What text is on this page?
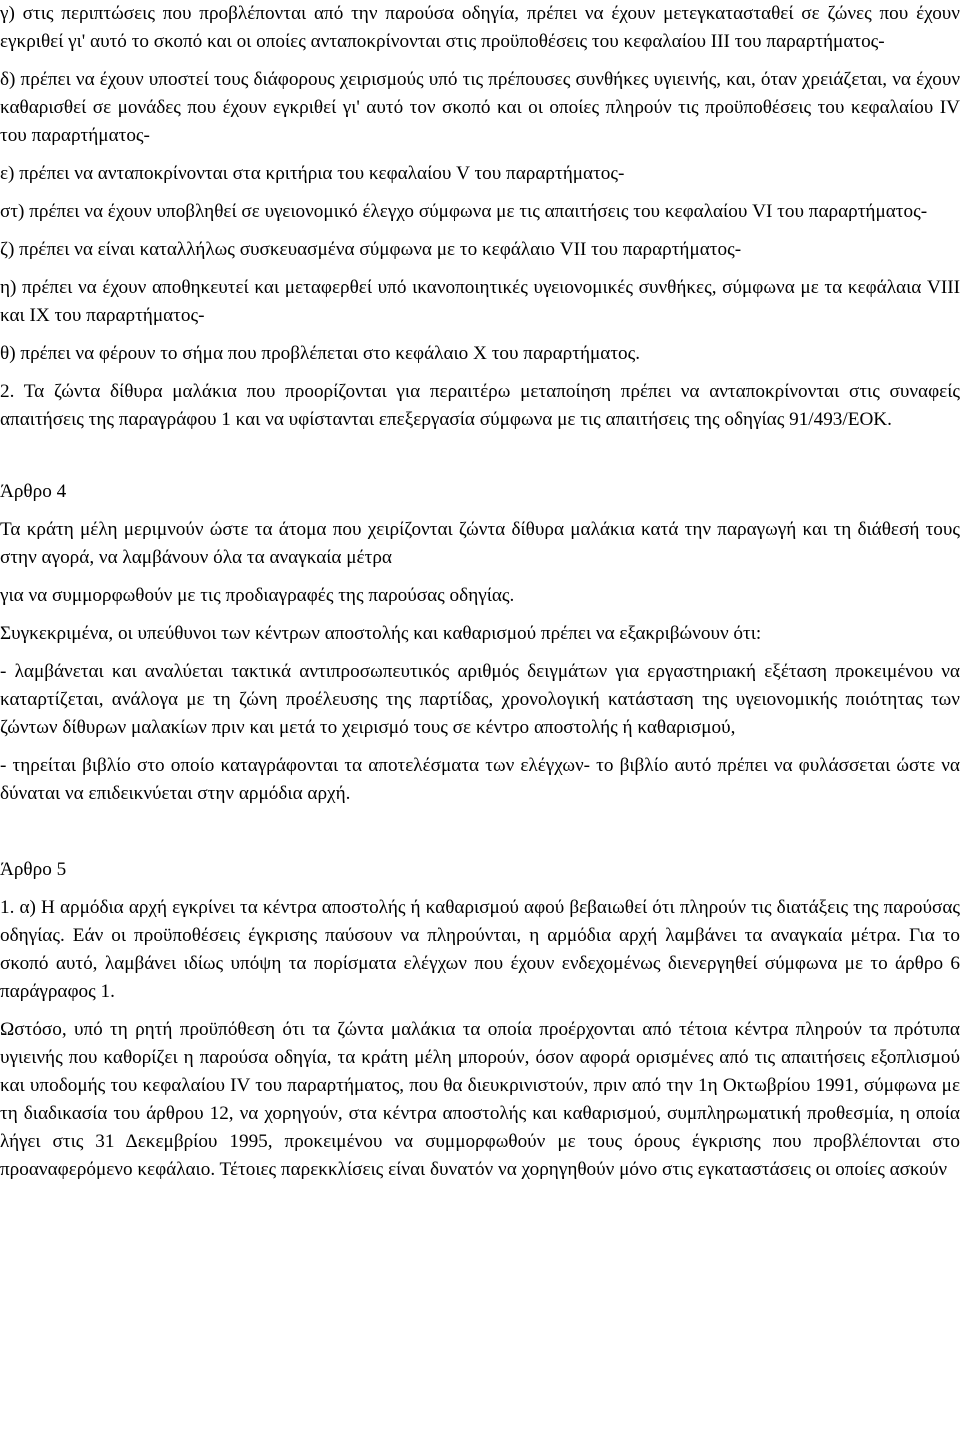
γ) στις περιπτώσεις που προβλέπονται από την παρούσα οδηγία, πρέπει να έχουν μετεγκατασταθεί σε ζώνες που έχουν εγκριθεί γι' αυτό το σκοπό και οι οποίες ανταποκρίνονται στις προϋποθέσεις του κεφαλαίου ΙΙΙ του παραρτήματος-

δ) πρέπει να έχουν υποστεί τους διάφορους χειρισμούς υπό τις πρέπουσες συνθήκες υγιεινής, και, όταν χρειάζεται, να έχουν καθαρισθεί σε μονάδες που έχουν εγκριθεί γι' αυτό τον σκοπό και οι οποίες πληρούν τις προϋποθέσεις του κεφαλαίου IV του παραρτήματος-

ε) πρέπει να ανταποκρίνονται στα κριτήρια του κεφαλαίου V του παραρτήματος-

στ) πρέπει να έχουν υποβληθεί σε υγειονομικό έλεγχο σύμφωνα με τις απαιτήσεις του κεφαλαίου VI του παραρτήματος-

ζ) πρέπει να είναι καταλλήλως συσκευασμένα σύμφωνα με το κεφάλαιο VII του παραρτήματος-

η) πρέπει να έχουν αποθηκευτεί και μεταφερθεί υπό ικανοποιητικές υγειονομικές συνθήκες, σύμφωνα με τα κεφάλαια VIII και IX του παραρτήματος-

θ) πρέπει να φέρουν το σήμα που προβλέπεται στο κεφάλαιο X του παραρτήματος.

2. Τα ζώντα δίθυρα μαλάκια που προορίζονται για περαιτέρω μεταποίηση πρέπει να ανταποκρίνονται στις συναφείς απαιτήσεις της παραγράφου 1 και να υφίστανται επεξεργασία σύμφωνα με τις απαιτήσεις της οδηγίας 91/493/ΕΟΚ.

Άρθρο 4

Τα κράτη μέλη μεριμνούν ώστε τα άτομα που χειρίζονται ζώντα δίθυρα μαλάκια κατά την παραγωγή και τη διάθεσή τους στην αγορά, να λαμβάνουν όλα τα αναγκαία μέτρα

για να συμμορφωθούν με τις προδιαγραφές της παρούσας οδηγίας.

Συγκεκριμένα, οι υπεύθυνοι των κέντρων αποστολής και καθαρισμού πρέπει να εξακριβώνουν ότι:

- λαμβάνεται και αναλύεται τακτικά αντιπροσωπευτικός αριθμός δειγμάτων για εργαστηριακή εξέταση προκειμένου να καταρτίζεται, ανάλογα με τη ζώνη προέλευσης της παρτίδας, χρονολογική κατάσταση της υγειονομικής ποιότητας των ζώντων δίθυρων μαλακίων πριν και μετά το χειρισμό τους σε κέντρο αποστολής ή καθαρισμού,

- τηρείται βιβλίο στο οποίο καταγράφονται τα αποτελέσματα των ελέγχων- το βιβλίο αυτό πρέπει να φυλάσσεται ώστε να δύναται να επιδεικνύεται στην αρμόδια αρχή.

Άρθρο 5

1. α) Η αρμόδια αρχή εγκρίνει τα κέντρα αποστολής ή καθαρισμού αφού βεβαιωθεί ότι πληρούν τις διατάξεις της παρούσας οδηγίας. Εάν οι προϋποθέσεις έγκρισης παύσουν να πληρούνται, η αρμόδια αρχή λαμβάνει τα αναγκαία μέτρα. Για το σκοπό αυτό, λαμβάνει ιδίως υπόψη τα πορίσματα ελέγχων που έχουν ενδεχομένως διενεργηθεί σύμφωνα με το άρθρο 6 παράγραφος 1.

Ωστόσο, υπό τη ρητή προϋπόθεση ότι τα ζώντα μαλάκια τα οποία προέρχονται από τέτοια κέντρα πληρούν τα πρότυπα υγιεινής που καθορίζει η παρούσα οδηγία, τα κράτη μέλη μπορούν, όσον αφορά ορισμένες από τις απαιτήσεις εξοπλισμού και υποδομής του κεφαλαίου IV του παραρτήματος, που θα διευκρινιστούν, πριν από την 1η Οκτωβρίου 1991, σύμφωνα με τη διαδικασία του άρθρου 12, να χορηγούν, στα κέντρα αποστολής και καθαρισμού, συμπληρωματική προθεσμία, η οποία λήγει στις 31 Δεκεμβρίου 1995, προκειμένου να συμμορφωθούν με τους όρους έγκρισης που προβλέπονται στο προαναφερόμενο κεφάλαιο. Τέτοιες παρεκκλίσεις είναι δυνατόν να χορηγηθούν μόνο στις εγκαταστάσεις οι οποίες ασκούν
